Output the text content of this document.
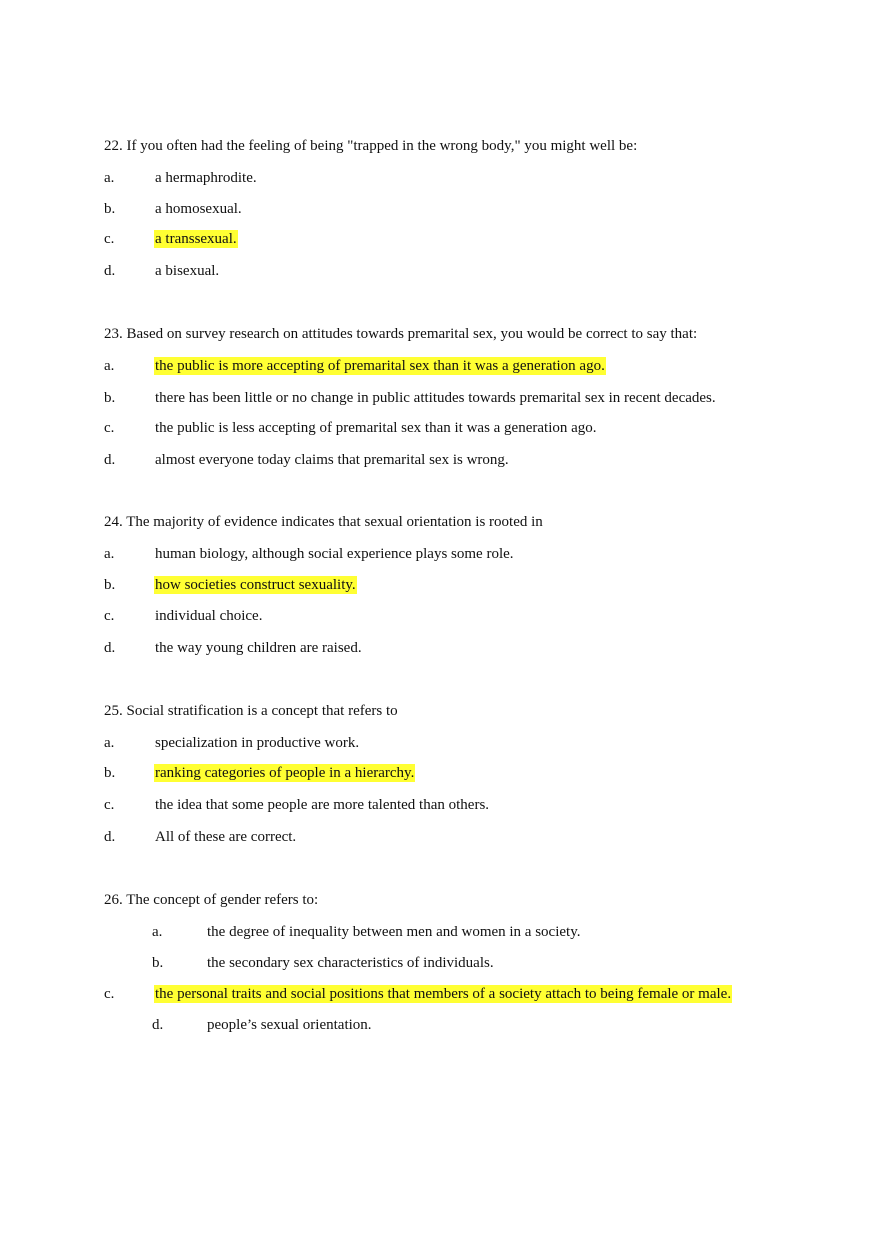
22. If you often had the feeling of being "trapped in the wrong body," you might well be:
a.	a hermaphrodite.
b.	a homosexual.
c.	a transsexual.
d.	a bisexual.
23. Based on survey research on attitudes towards premarital sex, you would be correct to say that:
a.	the public is more accepting of premarital sex than it was a generation ago.
b.	there has been little or no change in public attitudes towards premarital sex in recent decades.
c.	the public is less accepting of premarital sex than it was a generation ago.
d.	almost everyone today claims that premarital sex is wrong.
24. The majority of evidence indicates that sexual orientation is rooted in
a.	human biology, although social experience plays some role.
b.	how societies construct sexuality.
c.	individual choice.
d.	the way young children are raised.
25. Social stratification is a concept that refers to
a.	specialization in productive work.
b.	ranking categories of people in a hierarchy.
c.	the idea that some people are more talented than others.
d.	All of these are correct.
26. The concept of gender refers to:
a.	the degree of inequality between men and women in a society.
b.	the secondary sex characteristics of individuals.
c.	the personal traits and social positions that members of a society attach to being female or male.
d.	people’s sexual orientation.
